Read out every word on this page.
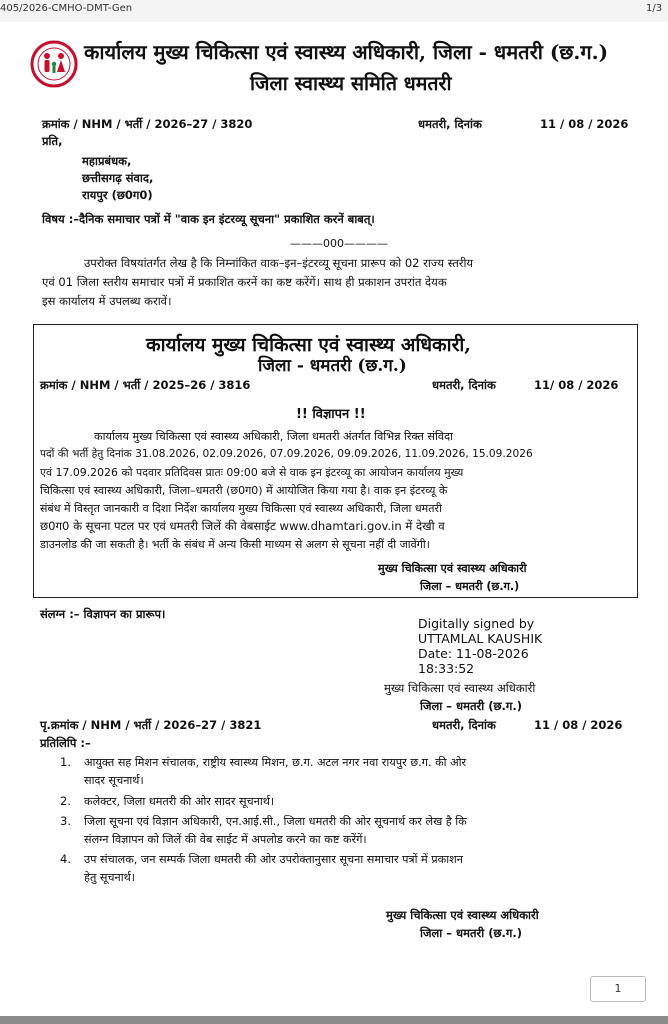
405/2026-CMHO-DMT-Gen	1/3
कार्यालय मुख्य चिकित्सा एवं स्वास्थ्य अधिकारी, जिला - धमतरी (छ.ग.)
जिला स्वास्थ्य समिति धमतरी
क्रमांक / NHM / भर्ती / 2026–27 / 3820	धमतरी, दिनांक	11 / 08 / 2026
प्रति,
महाप्रबंधक,
छत्तीसगढ़ संवाद,
रायपुर (छ0ग0)
विषय :–दैनिक समाचार पत्रों में "वाक इन इंटरव्यू सूचना" प्रकाशित करनें बाबत्।
———000————
उपरोक्त विषयांतर्गत लेख है कि निम्नांकित वाक–इन–इंटरव्यू सूचना प्रारूप को 02 राज्य स्तरीय
एवं 01 जिला स्तरीय समाचार पत्रों में प्रकाशित करनें का कष्ट करेंगें। साथ ही प्रकाशन उपरांत देयक
इस कार्यालय में उपलब्ध करावें।
कार्यालय मुख्य चिकित्सा एवं स्वास्थ्य अधिकारी,
जिला - धमतरी (छ.ग.)
क्रमांक / NHM / भर्ती / 2025–26 / 3816	धमतरी, दिनांक	11/ 08 / 2026
!! विज्ञापन !!
कार्यालय मुख्य चिकित्सा एवं स्वास्थ्य अधिकारी, जिला धमतरी अंतर्गत विभिन्न रिक्त संविदा
पदों की भर्ती हेतु दिनांक 31.08.2026, 02.09.2026, 07.09.2026, 09.09.2026, 11.09.2026, 15.09.2026
एवं 17.09.2026 को पदवार प्रतिदिवस प्रातः 09:00 बजे से वाक इन इंटरव्यू का आयोजन कार्यालय मुख्य
चिकित्सा एवं स्वास्थ्य अधिकारी, जिला–धमतरी (छ0ग0) में आयोजित किया गया है। वाक इन इंटरव्यू के
संबंध में विस्तृत जानकारी व दिशा निर्देश कार्यालय मुख्य चिकित्सा एवं स्वास्थ्य अधिकारी, जिला धमतरी
छ0ग0 के सूचना पटल पर एवं धमतरी जिलें की वेबसाईट www.dhamtari.gov.in में देखी व
डाउनलोड की जा सकती है। भर्ती के संबंध में अन्य किसी माध्यम से अलग से सूचना नहीं दी जावेंगी।
मुख्य चिकित्सा एवं स्वास्थ्य अधिकारी
जिला – धमतरी (छ.ग.)
संलग्न :– विज्ञापन का प्रारूप।
Digitally signed by
UTTAMLAL KAUSHIK
Date: 11-08-2026
18:33:52
मुख्य चिकित्सा एवं स्वास्थ्य अधिकारी
जिला – धमतरी (छ.ग.)
पृ.क्रमांक / NHM / भर्ती / 2026–27 / 3821	धमतरी, दिनांक	11 / 08 / 2026
प्रतिलिपि :–
1. आयुक्त सह मिशन संचालक, राष्ट्रीय स्वास्थ्य मिशन, छ.ग. अटल नगर नवा रायपुर छ.ग. की ओर
सादर सूचनार्थ।
2. कलेक्टर, जिला धमतरी की ओर सादर सूचनार्थ।
3. जिला सूचना एवं विज्ञान अधिकारी, एन.आई.सी., जिला धमतरी की ओर सूचनार्थ कर लेख है कि
संलग्न विज्ञापन को जिलें की वेब साईट में अपलोड करने का कष्ट करेंगें।
4. उप संचालक, जन सम्पर्क जिला धमतरी की ओर उपरोक्तानुसार सूचना समाचार पत्रों में प्रकाशन
हेतु सूचनार्थ।
मुख्य चिकित्सा एवं स्वास्थ्य अधिकारी
जिला – धमतरी (छ.ग.)
1
